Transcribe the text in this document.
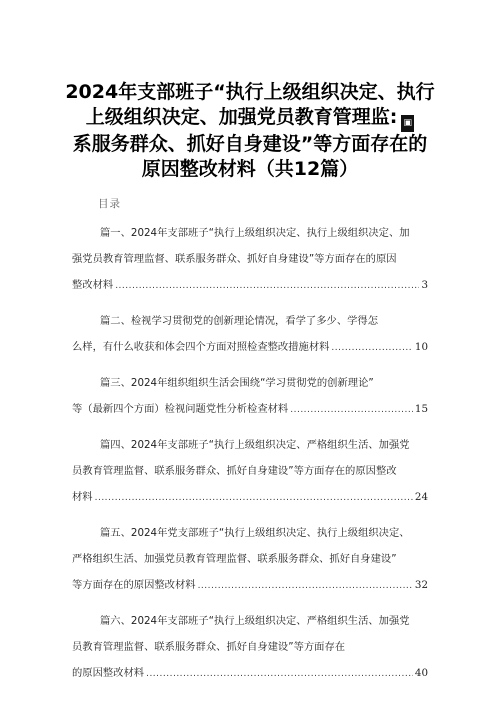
2024年支部班子“执行上级组织决定、执行
上级组织决定、加强党员教育管理监: ▣
系服务群众、抓好自身建设”等方面存在的
原因整改材料（共12篇）
目录
篇一、2024年支部班子“执行上级组织决定、执行上级组织决定、加
强党员教育管理监督、联系服务群众、抓好自身建设”等方面存在的原因
整改材料 .....	3
篇二、检视学习贯彻党的创新理论情况，看学了多少、学得怎
么样，有什么收获和体会四个方面对照检查整改措施材料 .....	10
篇三、2024年组织组织生活会围绕“学习贯彻党的创新理论”
等（最新四个方面）检视问题党性分析检查材料 .....	15
篇四、2024年支部班子“执行上级组织决定、严格组织生活、加强党
员教育管理监督、联系服务群众、抓好自身建设”等方面存在的原因整改
材料 .....	24
篇五、2024年党支部班子“执行上级组织决定、执行上级组织决定、
严格组织生活、加强党员教育管理监督、联系服务群众、抓好自身建设”
等方面存在的原因整改材料 .....	32
篇六、2024年支部班子“执行上级组织决定、严格组织生活、加强党
员教育管理监督、联系服务群众、抓好自身建设”等方面存在
的原因整改材料 .....	40
